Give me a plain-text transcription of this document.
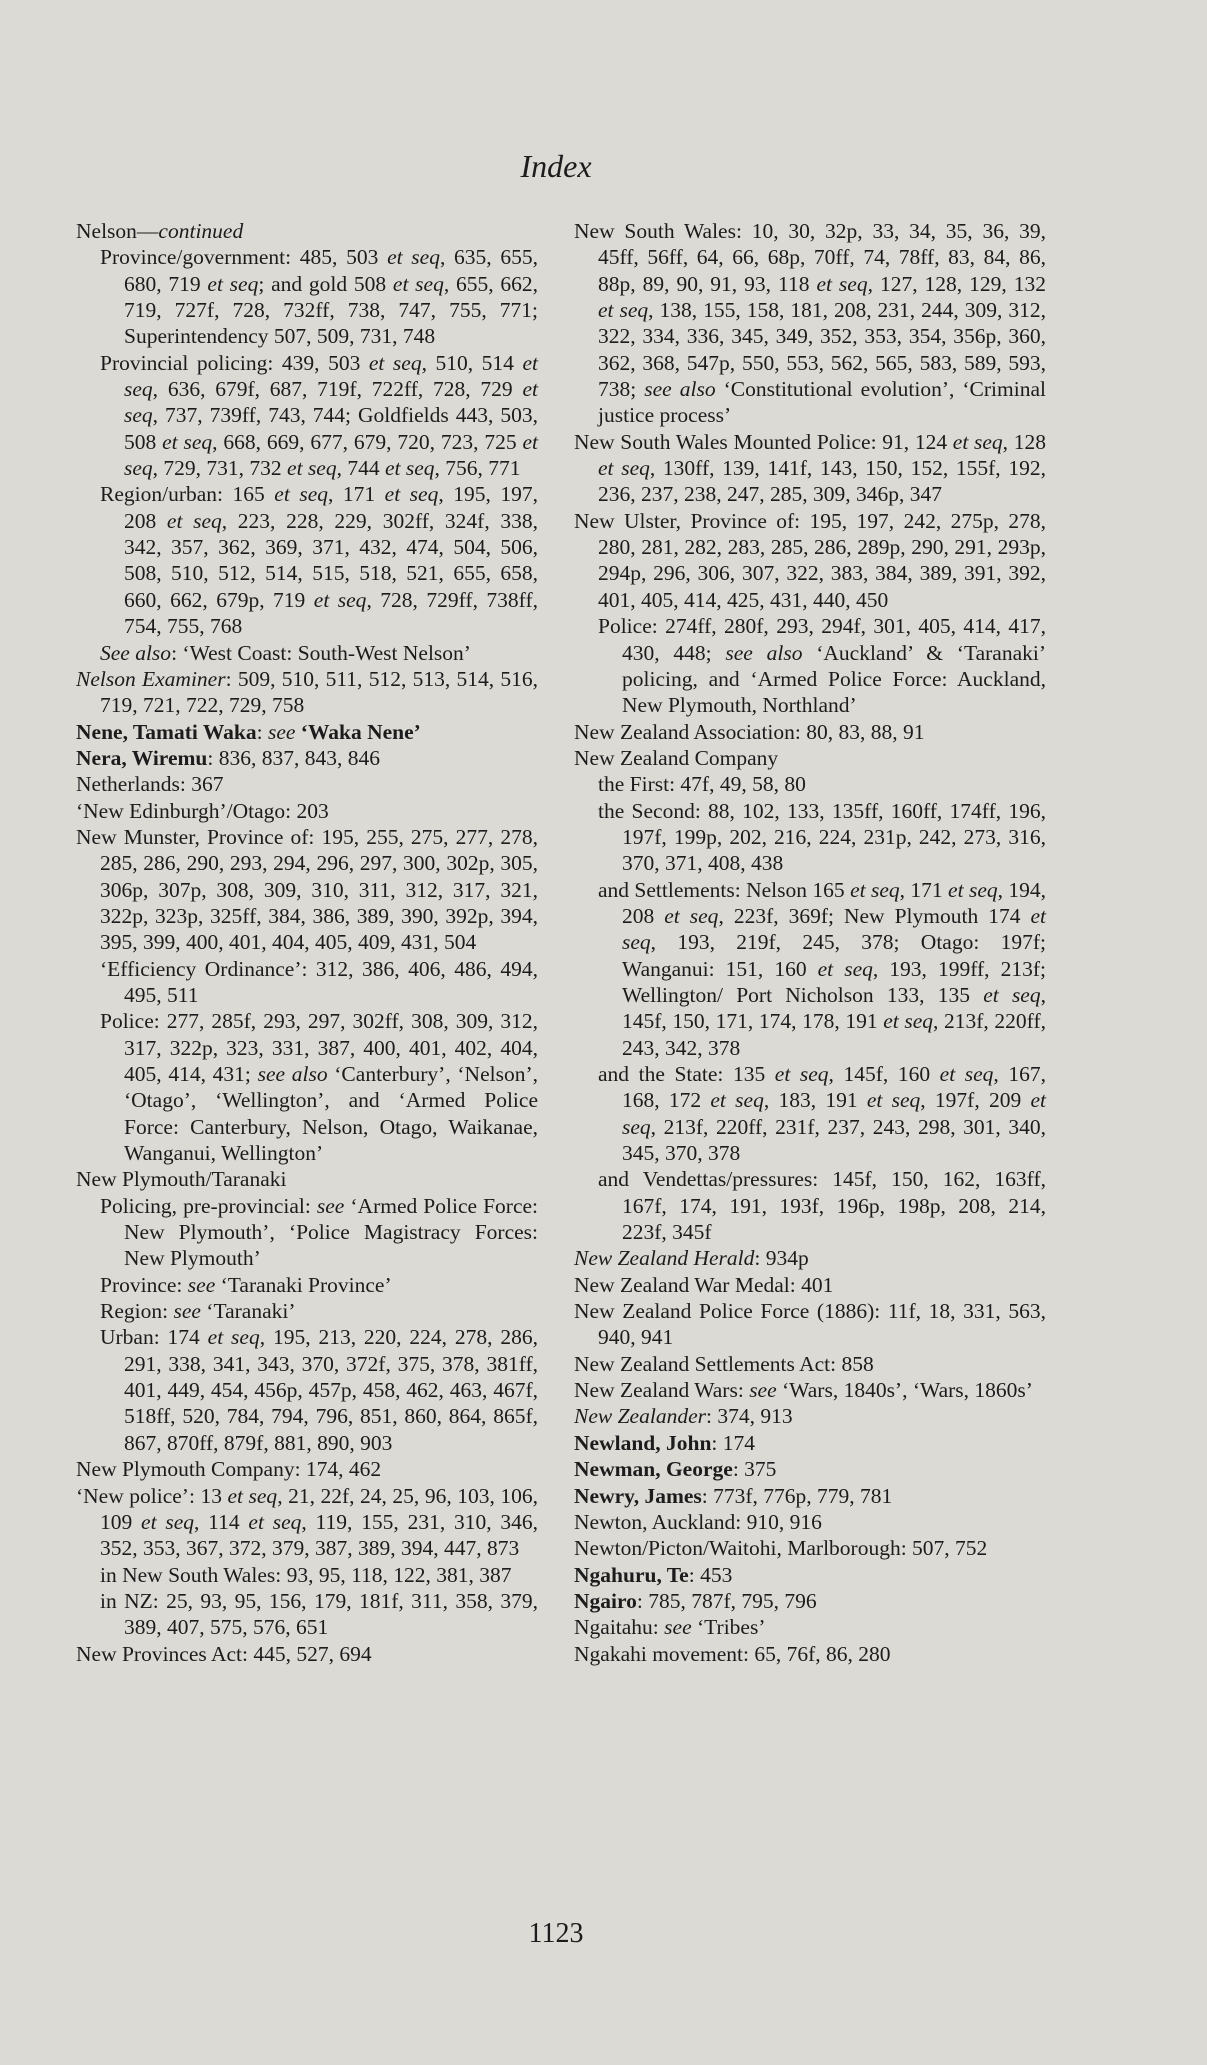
Index
Nelson—continued
Province/government: 485, 503 et seq, 635, 655, 680, 719 et seq; and gold 508 et seq, 655, 662, 719, 727f, 728, 732ff, 738, 747, 755, 771; Superintendency 507, 509, 731, 748
Provincial policing: 439, 503 et seq, 510, 514 et seq, 636, 679f, 687, 719f, 722ff, 728, 729 et seq, 737, 739ff, 743, 744; Goldfields 443, 503, 508 et seq, 668, 669, 677, 679, 720, 723, 725 et seq, 729, 731, 732 et seq, 744 et seq, 756, 771
Region/urban: 165 et seq, 171 et seq, 195, 197, 208 et seq, 223, 228, 229, 302ff, 324f, 338, 342, 357, 362, 369, 371, 432, 474, 504, 506, 508, 510, 512, 514, 515, 518, 521, 655, 658, 660, 662, 679p, 719 et seq, 728, 729ff, 738ff, 754, 755, 768
See also: ‘West Coast: South-West Nelson’
Nelson Examiner: 509, 510, 511, 512, 513, 514, 516, 719, 721, 722, 729, 758
Nene, Tamati Waka: see ‘Waka Nene’
Nera, Wiremu: 836, 837, 843, 846
Netherlands: 367
‘New Edinburgh’/Otago: 203
New Munster, Province of: 195, 255, 275, 277, 278, 285, 286, 290, 293, 294, 296, 297, 300, 302p, 305, 306p, 307p, 308, 309, 310, 311, 312, 317, 321, 322p, 323p, 325ff, 384, 386, 389, 390, 392p, 394, 395, 399, 400, 401, 404, 405, 409, 431, 504
‘Efficiency Ordinance’: 312, 386, 406, 486, 494, 495, 511
Police: 277, 285f, 293, 297, 302ff, 308, 309, 312, 317, 322p, 323, 331, 387, 400, 401, 402, 404, 405, 414, 431; see also ‘Canterbury’, ‘Nelson’, ‘Otago’, ‘Wellington’, and ‘Armed Police Force: Canterbury, Nelson, Otago, Waikanae, Wanganui, Wellington’
New Plymouth/Taranaki
Policing, pre-provincial: see ‘Armed Police Force: New Plymouth’, ‘Police Magistracy Forces: New Plymouth’
Province: see ‘Taranaki Province’
Region: see ‘Taranaki’
Urban: 174 et seq, 195, 213, 220, 224, 278, 286, 291, 338, 341, 343, 370, 372f, 375, 378, 381ff, 401, 449, 454, 456p, 457p, 458, 462, 463, 467f, 518ff, 520, 784, 794, 796, 851, 860, 864, 865f, 867, 870ff, 879f, 881, 890, 903
New Plymouth Company: 174, 462
‘New police’: 13 et seq, 21, 22f, 24, 25, 96, 103, 106, 109 et seq, 114 et seq, 119, 155, 231, 310, 346, 352, 353, 367, 372, 379, 387, 389, 394, 447, 873
in New South Wales: 93, 95, 118, 122, 381, 387
in NZ: 25, 93, 95, 156, 179, 181f, 311, 358, 379, 389, 407, 575, 576, 651
New Provinces Act: 445, 527, 694
New South Wales: 10, 30, 32p, 33, 34, 35, 36, 39, 45ff, 56ff, 64, 66, 68p, 70ff, 74, 78ff, 83, 84, 86, 88p, 89, 90, 91, 93, 118 et seq, 127, 128, 129, 132 et seq, 138, 155, 158, 181, 208, 231, 244, 309, 312, 322, 334, 336, 345, 349, 352, 353, 354, 356p, 360, 362, 368, 547p, 550, 553, 562, 565, 583, 589, 593, 738; see also ‘Constitutional evolution’, ‘Criminal justice process’
New South Wales Mounted Police: 91, 124 et seq, 128 et seq, 130ff, 139, 141f, 143, 150, 152, 155f, 192, 236, 237, 238, 247, 285, 309, 346p, 347
New Ulster, Province of: 195, 197, 242, 275p, 278, 280, 281, 282, 283, 285, 286, 289p, 290, 291, 293p, 294p, 296, 306, 307, 322, 383, 384, 389, 391, 392, 401, 405, 414, 425, 431, 440, 450
Police: 274ff, 280f, 293, 294f, 301, 405, 414, 417, 430, 448; see also ‘Auckland’ & ‘Taranaki’ policing, and ‘Armed Police Force: Auckland, New Plymouth, Northland’
New Zealand Association: 80, 83, 88, 91
New Zealand Company
the First: 47f, 49, 58, 80
the Second: 88, 102, 133, 135ff, 160ff, 174ff, 196, 197f, 199p, 202, 216, 224, 231p, 242, 273, 316, 370, 371, 408, 438
and Settlements: Nelson 165 et seq, 171 et seq, 194, 208 et seq, 223f, 369f; New Plymouth 174 et seq, 193, 219f, 245, 378; Otago: 197f; Wanganui: 151, 160 et seq, 193, 199ff, 213f; Wellington/ Port Nicholson 133, 135 et seq, 145f, 150, 171, 174, 178, 191 et seq, 213f, 220ff, 243, 342, 378
and the State: 135 et seq, 145f, 160 et seq, 167, 168, 172 et seq, 183, 191 et seq, 197f, 209 et seq, 213f, 220ff, 231f, 237, 243, 298, 301, 340, 345, 370, 378
and Vendettas/pressures: 145f, 150, 162, 163ff, 167f, 174, 191, 193f, 196p, 198p, 208, 214, 223f, 345f
New Zealand Herald: 934p
New Zealand War Medal: 401
New Zealand Police Force (1886): 11f, 18, 331, 563, 940, 941
New Zealand Settlements Act: 858
New Zealand Wars: see ‘Wars, 1840s’, ‘Wars, 1860s’
New Zealander: 374, 913
Newland, John: 174
Newman, George: 375
Newry, James: 773f, 776p, 779, 781
Newton, Auckland: 910, 916
Newton/Picton/Waitohi, Marlborough: 507, 752
Ngahuru, Te: 453
Ngairo: 785, 787f, 795, 796
Ngaitahu: see ‘Tribes’
Ngakahi movement: 65, 76f, 86, 280
1123
